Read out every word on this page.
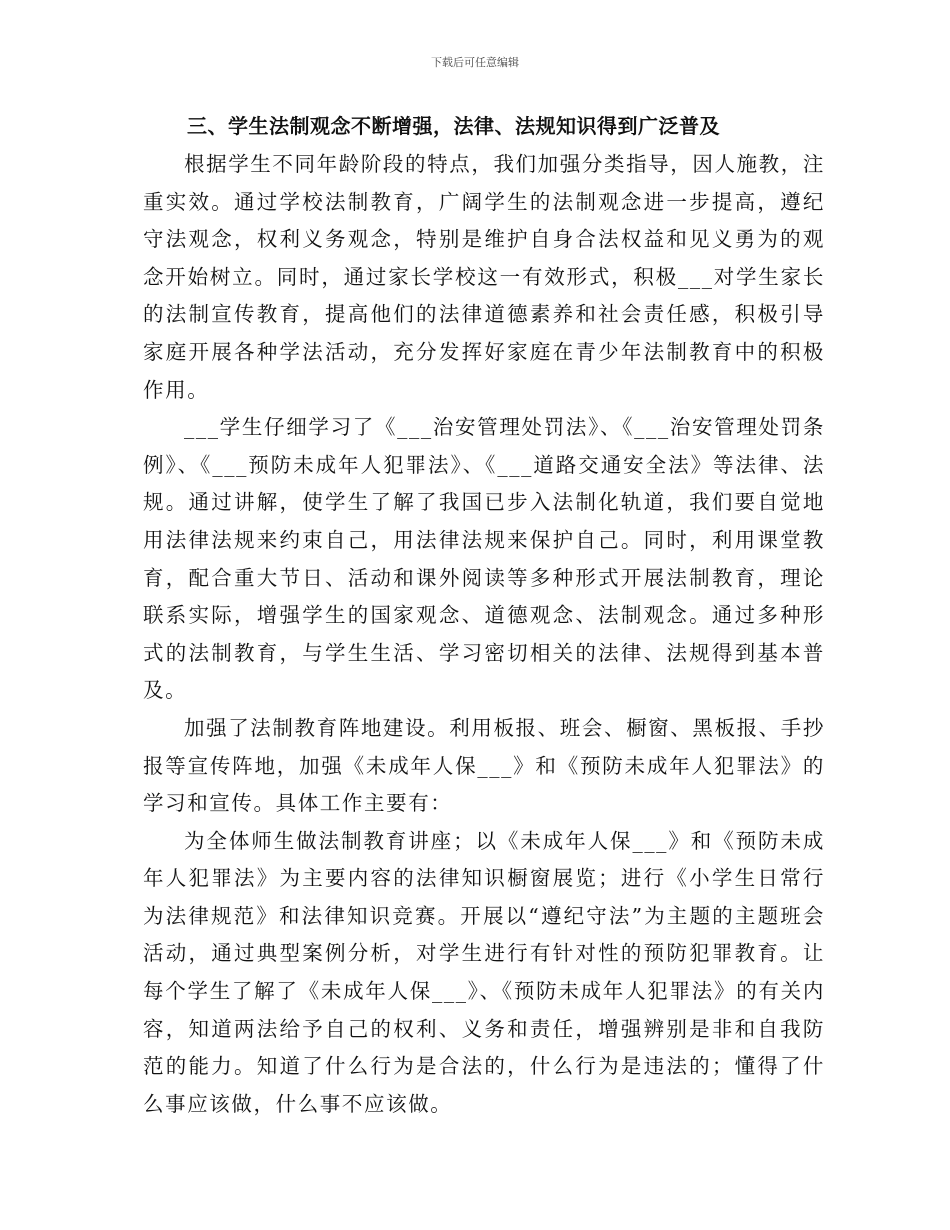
下载后可任意编辑
三、学生法制观念不断增强，法律、法规知识得到广泛普及

根据学生不同年龄阶段的特点，我们加强分类指导，因人施教，注重实效。通过学校法制教育，广阔学生的法制观念进一步提高，遵纪守法观念，权利义务观念，特别是维护自身合法权益和见义勇为的观念开始树立。同时，通过家长学校这一有效形式，积极___对学生家长的法制宣传教育，提高他们的法律道德素养和社会责任感，积极引导家庭开展各种学法活动，充分发挥好家庭在青少年法制教育中的积极作用。

___学生仔细学习了《___治安管理处罚法》、《___治安管理处罚条例》、《___预防未成年人犯罪法》、《___道路交通安全法》等法律、法规。通过讲解，使学生了解了我国已步入法制化轨道，我们要自觉地用法律法规来约束自己，用法律法规来保护自己。同时，利用课堂教育，配合重大节日、活动和课外阅读等多种形式开展法制教育，理论联系实际，增强学生的国家观念、道德观念、法制观念。通过多种形式的法制教育，与学生生活、学习密切相关的法律、法规得到基本普及。

加强了法制教育阵地建设。利用板报、班会、橱窗、黑板报、手抄报等宣传阵地，加强《未成年人保___》和《预防未成年人犯罪法》的学习和宣传。具体工作主要有：

为全体师生做法制教育讲座；以《未成年人保___》和《预防未成年人犯罪法》为主要内容的法律知识橱窗展览；进行《小学生日常行为法律规范》和法律知识竞赛。开展以“遵纪守法”为主题的主题班会活动，通过典型案例分析，对学生进行有针对性的预防犯罪教育。让每个学生了解了《未成年人保___》、《预防未成年人犯罪法》的有关内容，知道两法给予自己的权利、义务和责任，增强辨别是非和自我防范的能力。知道了什么行为是合法的，什么行为是违法的；懂得了什么事应该做，什么事不应该做。
